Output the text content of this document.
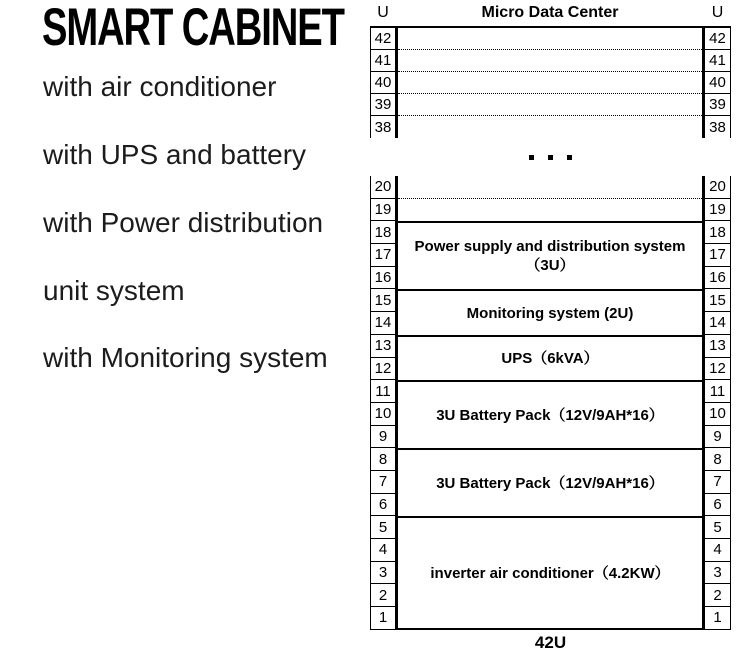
SMART CABINET
with air conditioner
with UPS and battery
with Power distribution
unit system
with Monitoring system
U	Micro Data Center	U
42
41
40
39
38
42
41
40
39
38
20
19
18
17
16
15
14
13
12
11
10
9
8
7
6
5
4
3
2
1
Power supply and distribution system
（3U）
Monitoring system (2U)
UPS（6kVA）
3U Battery Pack（12V/9AH*16）
3U Battery Pack（12V/9AH*16）
inverter air conditioner（4.2KW）
20
19
18
17
16
15
14
13
12
11
10
9
8
7
6
5
4
3
2
1
42U
